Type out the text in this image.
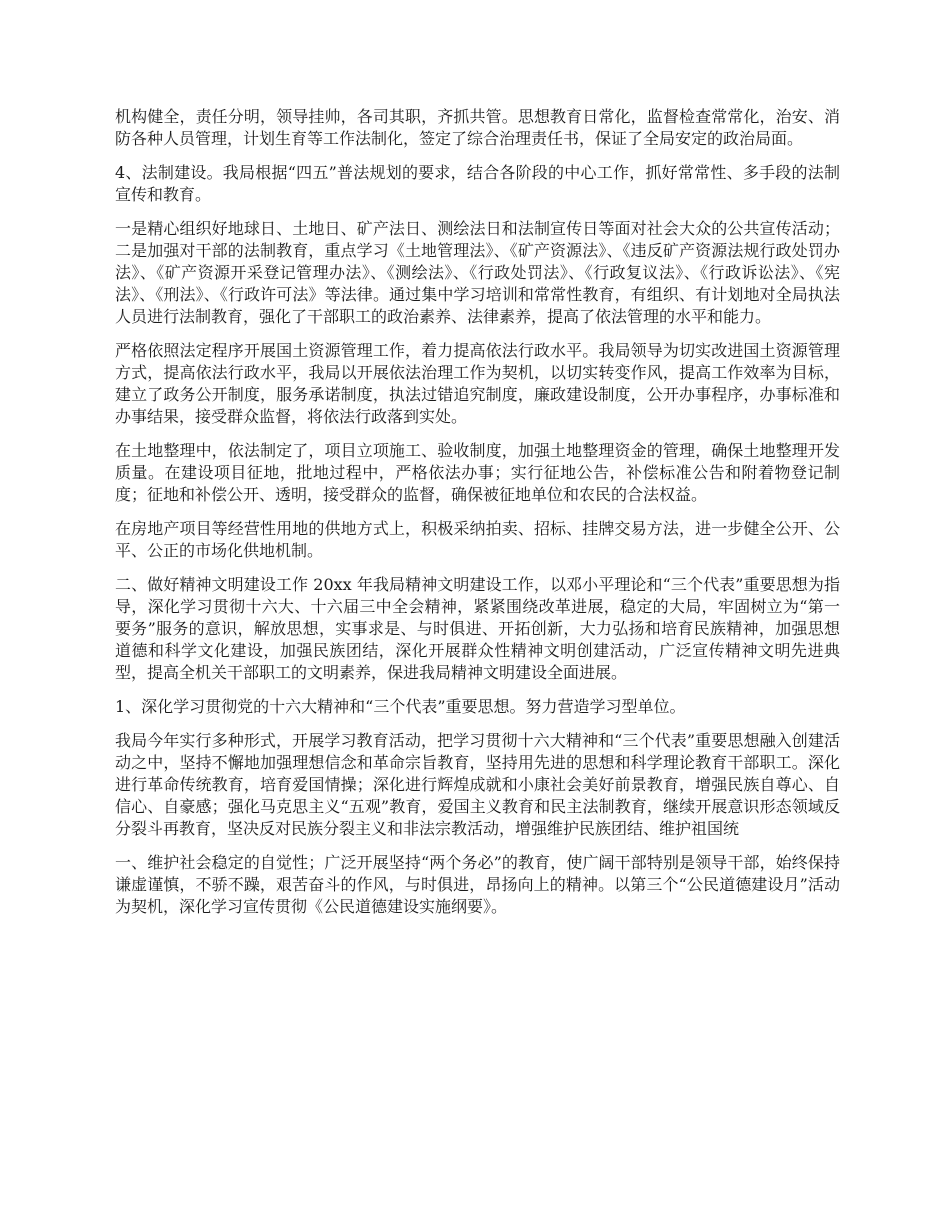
机构健全，责任分明，领导挂帅，各司其职，齐抓共管。思想教育日常化，监督检查常常化，治安、消防各种人员管理，计划生育等工作法制化，签定了综合治理责任书，保证了全局安定的政治局面。

4、法制建设。我局根据“四五”普法规划的要求，结合各阶段的中心工作，抓好常常性、多手段的法制宣传和教育。

一是精心组织好地球日、土地日、矿产法日、测绘法日和法制宣传日等面对社会大众的公共宣传活动；二是加强对干部的法制教育，重点学习《土地管理法》、《矿产资源法》、《违反矿产资源法规行政处罚办法》、《矿产资源开采登记管理办法》、《测绘法》、《行政处罚法》、《行政复议法》、《行政诉讼法》、《宪法》、《刑法》、《行政许可法》等法律。通过集中学习培训和常常性教育，有组织、有计划地对全局执法人员进行法制教育，强化了干部职工的政治素养、法律素养，提高了依法管理的水平和能力。

严格依照法定程序开展国土资源管理工作，着力提高依法行政水平。我局领导为切实改进国土资源管理方式，提高依法行政水平，我局以开展依法治理工作为契机，以切实转变作风，提高工作效率为目标，建立了政务公开制度，服务承诺制度，执法过错追究制度，廉政建设制度，公开办事程序，办事标准和办事结果，接受群众监督，将依法行政落到实处。

在土地整理中，依法制定了，项目立项施工、验收制度，加强土地整理资金的管理，确保土地整理开发质量。在建设项目征地，批地过程中，严格依法办事；实行征地公告，补偿标准公告和附着物登记制度；征地和补偿公开、透明，接受群众的监督，确保被征地单位和农民的合法权益。

在房地产项目等经营性用地的供地方式上，积极采纳拍卖、招标、挂牌交易方法，进一步健全公开、公平、公正的市场化供地机制。

二、做好精神文明建设工作 20xx 年我局精神文明建设工作，以邓小平理论和“三个代表”重要思想为指导，深化学习贯彻十六大、十六届三中全会精神，紧紧围绕改革进展，稳定的大局，牢固树立为“第一要务”服务的意识，解放思想，实事求是、与时俱进、开拓创新，大力弘扬和培育民族精神，加强思想道德和科学文化建设，加强民族团结，深化开展群众性精神文明创建活动，广泛宣传精神文明先进典型，提高全机关干部职工的文明素养，保进我局精神文明建设全面进展。

1、深化学习贯彻党的十六大精神和“三个代表”重要思想。努力营造学习型单位。

我局今年实行多种形式，开展学习教育活动，把学习贯彻十六大精神和“三个代表”重要思想融入创建活动之中，坚持不懈地加强理想信念和革命宗旨教育，坚持用先进的思想和科学理论教育干部职工。深化进行革命传统教育，培育爱国情操；深化进行辉煌成就和小康社会美好前景教育，增强民族自尊心、自信心、自豪感；强化马克思主义“五观”教育，爱国主义教育和民主法制教育，继续开展意识形态领域反分裂斗再教育，坚决反对民族分裂主义和非法宗教活动，增强维护民族团结、维护祖国统

一、维护社会稳定的自觉性；广泛开展坚持“两个务必”的教育，使广阔干部特别是领导干部，始终保持谦虚谨慎，不骄不躁，艰苦奋斗的作风，与时俱进，昂扬向上的精神。以第三个“公民道德建设月”活动为契机，深化学习宣传贯彻《公民道德建设实施纲要》。
